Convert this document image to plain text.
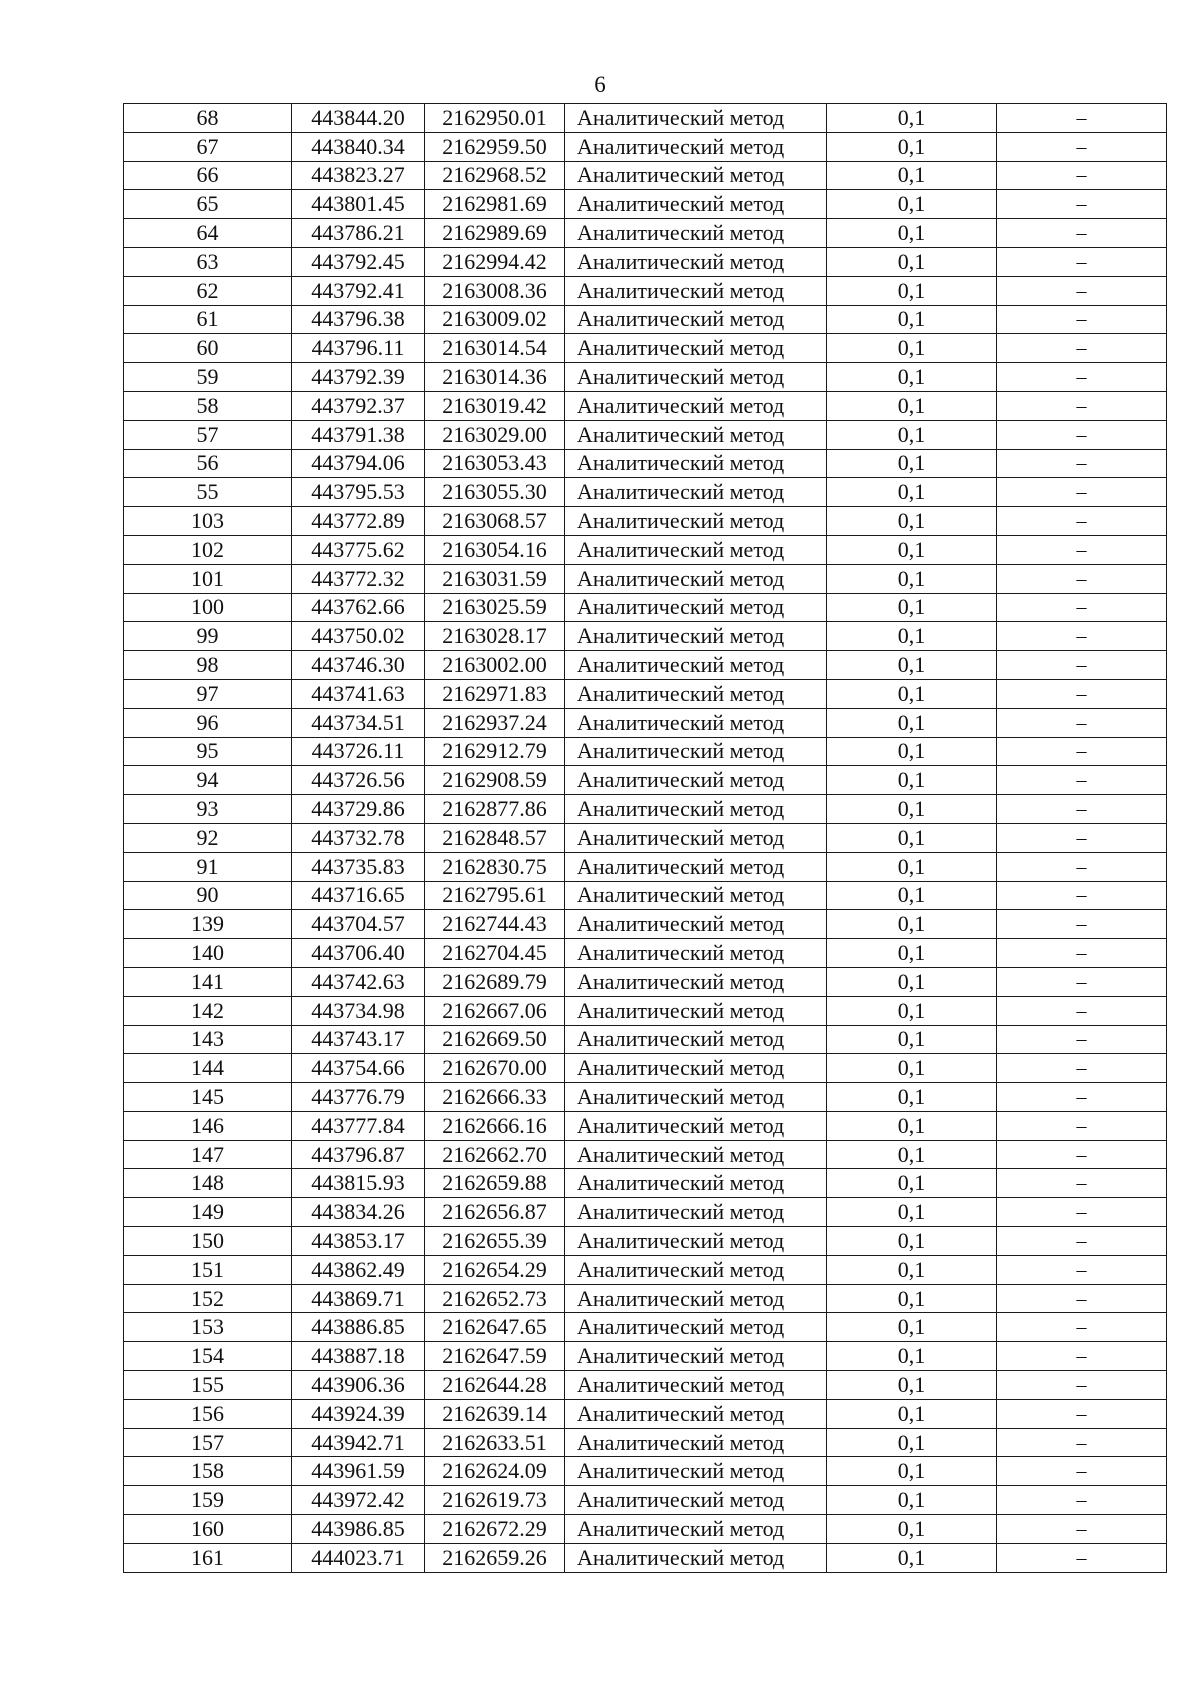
6
68	443844.20	2162950.01	Аналитический метод	0,1	–
67	443840.34	2162959.50	Аналитический метод	0,1	–
66	443823.27	2162968.52	Аналитический метод	0,1	–
65	443801.45	2162981.69	Аналитический метод	0,1	–
64	443786.21	2162989.69	Аналитический метод	0,1	–
63	443792.45	2162994.42	Аналитический метод	0,1	–
62	443792.41	2163008.36	Аналитический метод	0,1	–
61	443796.38	2163009.02	Аналитический метод	0,1	–
60	443796.11	2163014.54	Аналитический метод	0,1	–
59	443792.39	2163014.36	Аналитический метод	0,1	–
58	443792.37	2163019.42	Аналитический метод	0,1	–
57	443791.38	2163029.00	Аналитический метод	0,1	–
56	443794.06	2163053.43	Аналитический метод	0,1	–
55	443795.53	2163055.30	Аналитический метод	0,1	–
103	443772.89	2163068.57	Аналитический метод	0,1	–
102	443775.62	2163054.16	Аналитический метод	0,1	–
101	443772.32	2163031.59	Аналитический метод	0,1	–
100	443762.66	2163025.59	Аналитический метод	0,1	–
99	443750.02	2163028.17	Аналитический метод	0,1	–
98	443746.30	2163002.00	Аналитический метод	0,1	–
97	443741.63	2162971.83	Аналитический метод	0,1	–
96	443734.51	2162937.24	Аналитический метод	0,1	–
95	443726.11	2162912.79	Аналитический метод	0,1	–
94	443726.56	2162908.59	Аналитический метод	0,1	–
93	443729.86	2162877.86	Аналитический метод	0,1	–
92	443732.78	2162848.57	Аналитический метод	0,1	–
91	443735.83	2162830.75	Аналитический метод	0,1	–
90	443716.65	2162795.61	Аналитический метод	0,1	–
139	443704.57	2162744.43	Аналитический метод	0,1	–
140	443706.40	2162704.45	Аналитический метод	0,1	–
141	443742.63	2162689.79	Аналитический метод	0,1	–
142	443734.98	2162667.06	Аналитический метод	0,1	–
143	443743.17	2162669.50	Аналитический метод	0,1	–
144	443754.66	2162670.00	Аналитический метод	0,1	–
145	443776.79	2162666.33	Аналитический метод	0,1	–
146	443777.84	2162666.16	Аналитический метод	0,1	–
147	443796.87	2162662.70	Аналитический метод	0,1	–
148	443815.93	2162659.88	Аналитический метод	0,1	–
149	443834.26	2162656.87	Аналитический метод	0,1	–
150	443853.17	2162655.39	Аналитический метод	0,1	–
151	443862.49	2162654.29	Аналитический метод	0,1	–
152	443869.71	2162652.73	Аналитический метод	0,1	–
153	443886.85	2162647.65	Аналитический метод	0,1	–
154	443887.18	2162647.59	Аналитический метод	0,1	–
155	443906.36	2162644.28	Аналитический метод	0,1	–
156	443924.39	2162639.14	Аналитический метод	0,1	–
157	443942.71	2162633.51	Аналитический метод	0,1	–
158	443961.59	2162624.09	Аналитический метод	0,1	–
159	443972.42	2162619.73	Аналитический метод	0,1	–
160	443986.85	2162672.29	Аналитический метод	0,1	–
161	444023.71	2162659.26	Аналитический метод	0,1	–
